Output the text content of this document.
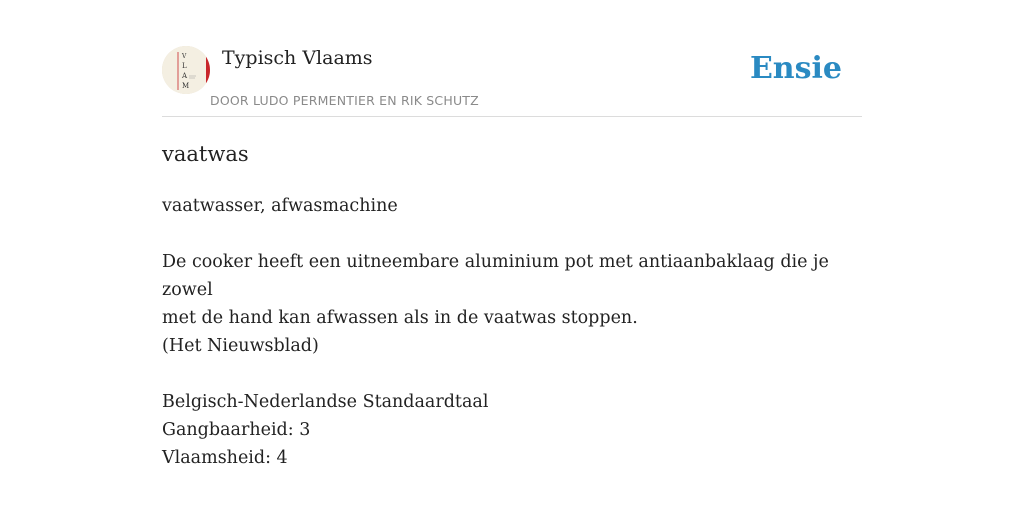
V
L
A
M
Typisch Vlaams
DOOR LUDO PERMENTIER EN RIK SCHUTZ
Ensie
vaatwas

vaatwasser, afwasmachine

De cooker heeft een uitneembare aluminium pot met antiaanbaklaag die je zowel

met de hand kan afwassen als in de vaatwas stoppen.

(Het Nieuwsblad)

Belgisch-Nederlandse Standaardtaal

Gangbaarheid: 3

Vlaamsheid: 4
